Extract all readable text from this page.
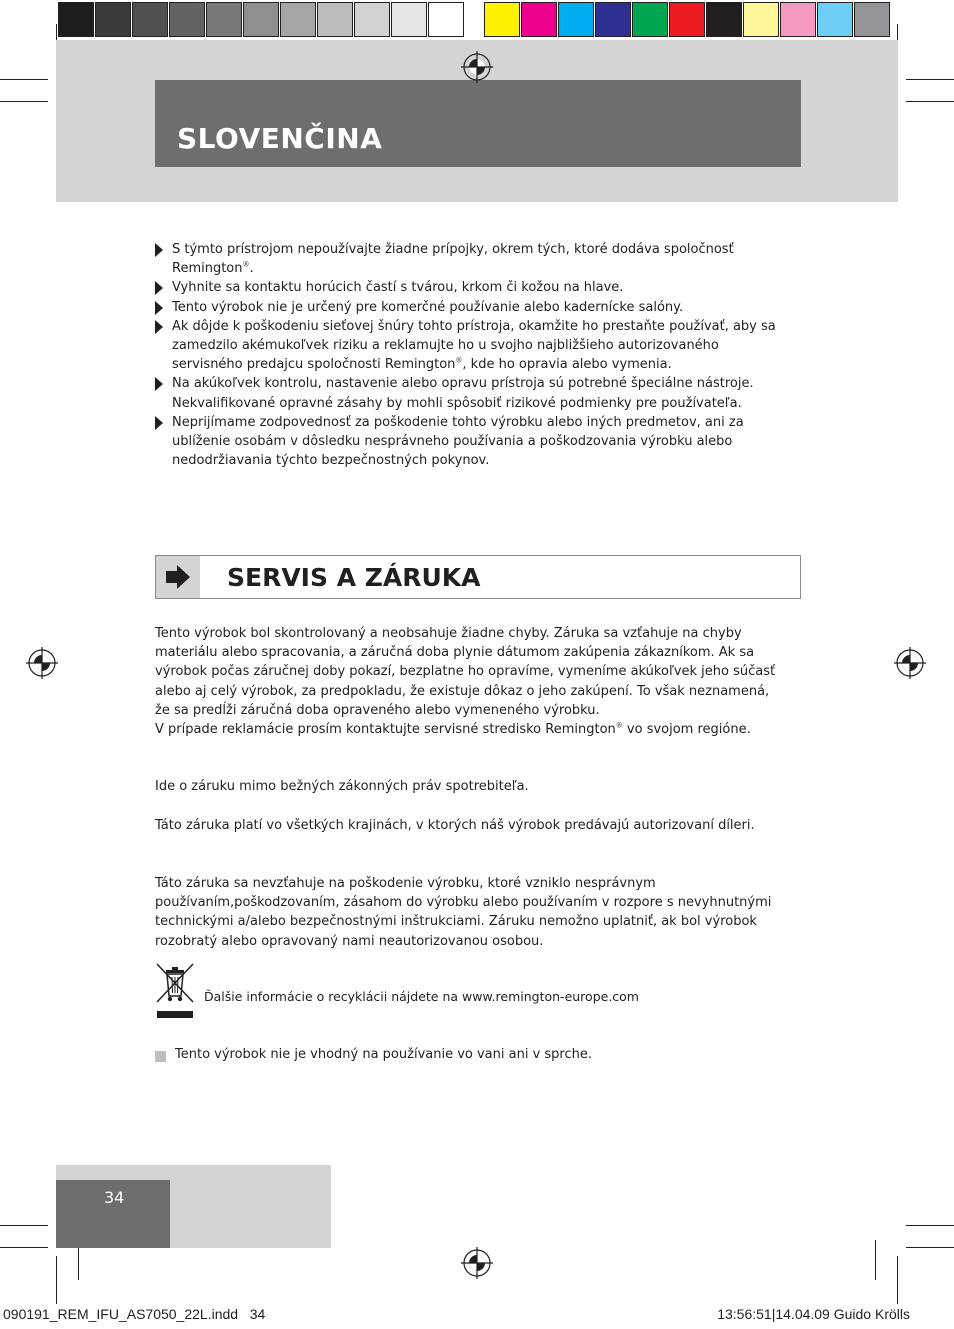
SLOVENČINA
S týmto prístrojom nepoužívajte žiadne prípojky, okrem tých, ktoré dodáva spoločnosť Remington®.
Vyhnite sa kontaktu horúcich častí s tvárou, krkom či kožou na hlave.
Tento výrobok nie je určený pre komerčné používanie alebo kadernícke salóny.
Ak dôjde k poškodeniu sieťovej šnúry tohto prístroja, okamžite ho prestaňte používať, aby sa zamedzilo akémukoľvek riziku a reklamujte ho u svojho najbližšieho autorizovaného servisného predajcu spoločnosti Remington®, kde ho opravia alebo vymenia.
Na akúkoľvek kontrolu, nastavenie alebo opravu prístroja sú potrebné špeciálne nástroje. Nekvalifikované opravné zásahy by mohli spôsobiť rizikové podmienky pre používateľa.
Neprijímame zodpovednosť za poškodenie tohto výrobku alebo iných predmetov, ani za ublíženie osobám v dôsledku nesprávneho používania a poškodzovania výrobku alebo nedodržiavania týchto bezpečnostných pokynov.
SERVIS A ZÁRUKA

Tento výrobok bol skontrolovaný a neobsahuje žiadne chyby. Záruka sa vzťahuje na chyby materiálu alebo spracovania, a záručná doba plynie dátumom zakúpenia zákazníkom. Ak sa výrobok počas záručnej doby pokazí, bezplatne ho opravíme, vymeníme akúkoľvek jeho súčasť alebo aj celý výrobok, za predpokladu, že existuje dôkaz o jeho zakúpení. To však neznamená, že sa predĺži záručná doba opraveného alebo vymeneného výrobku.
V prípade reklamácie prosím kontaktujte servisné stredisko Remington® vo svojom regióne.

Ide o záruku mimo bežných zákonných práv spotrebiteľa.

Táto záruka platí vo všetkých krajinách, v ktorých náš výrobok predávajú autorizovaní díleri.

Táto záruka sa nevzťahuje na poškodenie výrobku, ktoré vzniklo nesprávnym používaním,poškodzovaním, zásahom do výrobku alebo používaním v rozpore s nevyhnutnými technickými a/alebo bezpečnostnými inštrukciami. Záruku nemožno uplatniť, ak bol výrobok rozobratý alebo opravovaný nami neautorizovanou osobou.

Ďalšie informácie o recyklácii nájdete na www.remington-europe.com

Tento výrobok nie je vhodný na používanie vo vani ani v sprche.

34

090191_REM_IFU_AS7050_22L.indd   34	13:56:51|14.04.09 Guido Krölls
